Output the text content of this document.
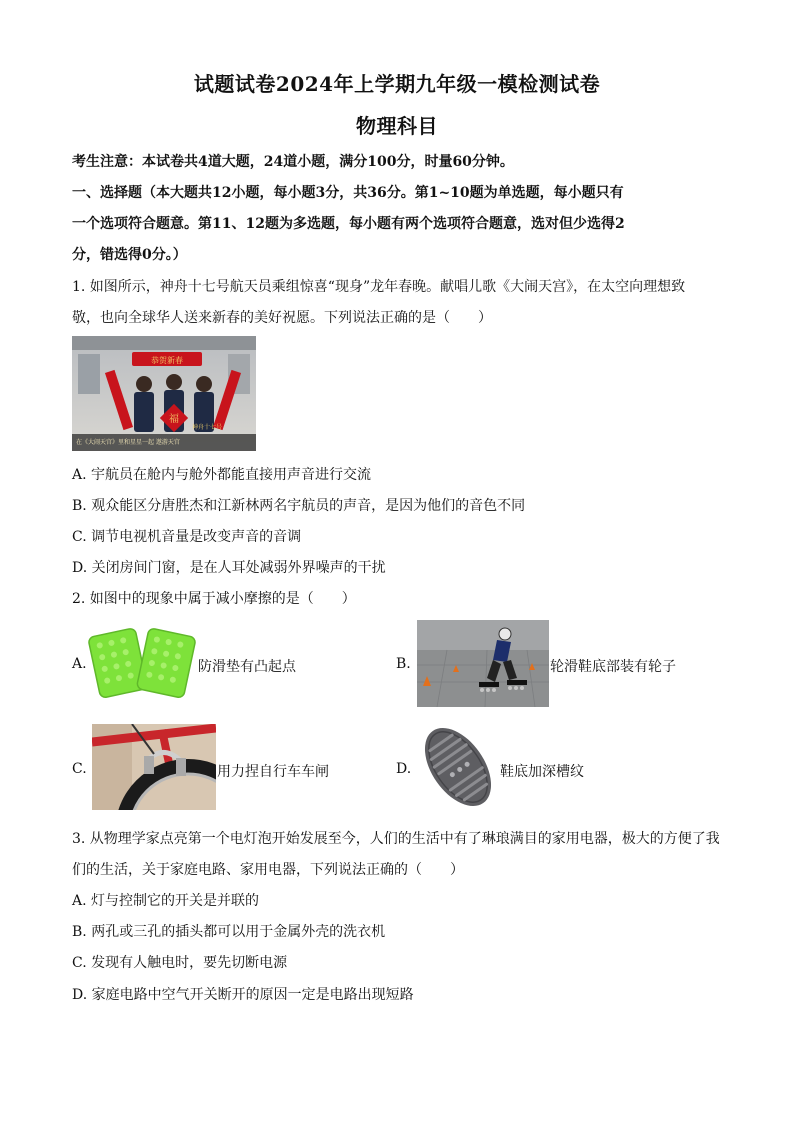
试题试卷2024年上学期九年级一模检测试卷
物理科目
考生注意：本试卷共4道大题，24道小题，满分100分，时量60分钟。
一、选择题（本大题共12小题，每小题3分，共36分。第1~10题为单选题，每小题只有
一个选项符合题意。第11、12题为多选题，每小题有两个选项符合题意，选对但少选得2
分，错选得0分。）
1. 如图所示，神舟十七号航天员乘组惊喜“现身”龙年春晚。献唱儿歌《大闹天宫》，在太空向理想致
敬，也向全球华人送来新春的美好祝愿。下列说法正确的是（　　）
恭贺新春
福
在《大闹天宫》里和星星一起 遨游天宫
神舟十七号
A. 宇航员在舱内与舱外都能直接用声音进行交流
B. 观众能区分唐胜杰和江新林两名宇航员的声音，是因为他们的音色不同
C. 调节电视机音量是改变声音的音调
D. 关闭房间门窗，是在人耳处减弱外界噪声的干扰
2. 如图中的现象中属于减小摩擦的是（　　）
A.	防滑垫有凸起点	B.	轮滑鞋底部装有轮子
C.	用力捏自行车车闸	D.	鞋底加深槽纹
3. 从物理学家点亮第一个电灯泡开始发展至今，人们的生活中有了琳琅满目的家用电器，极大的方便了我
们的生活，关于家庭电路、家用电器，下列说法正确的（　　）
A. 灯与控制它的开关是并联的
B. 两孔或三孔的插头都可以用于金属外壳的洗衣机
C. 发现有人触电时，要先切断电源
D. 家庭电路中空气开关断开的原因一定是电路出现短路
